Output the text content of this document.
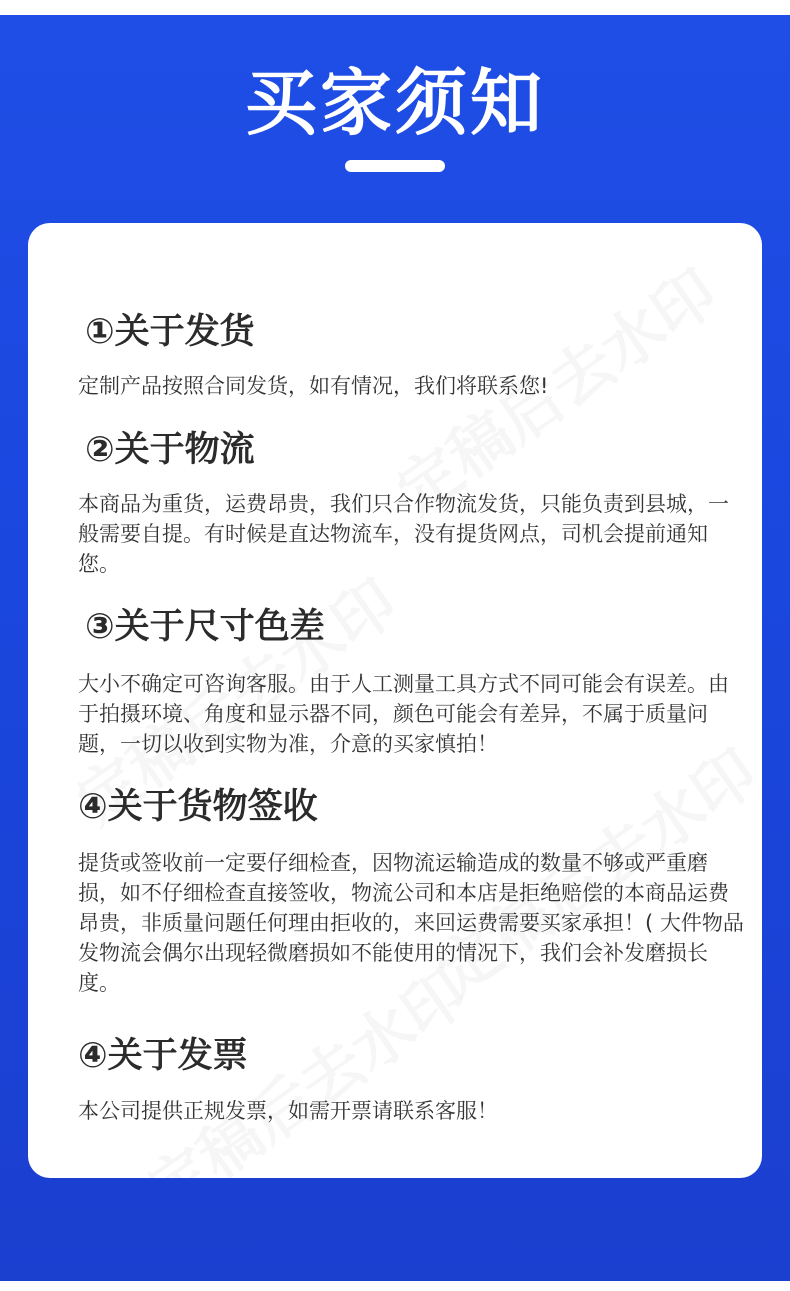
买家须知
①关于发货

定制产品按照合同发货，如有情况，我们将联系您!

②关于物流

本商品为重货，运费昂贵，我们只合作物流发货，只能负责到县城，一般需要自提。有时候是直达物流车，没有提货网点，司机会提前通知您。

③关于尺寸色差

大小不确定可咨询客服。由于人工测量工具方式不同可能会有误差。由于拍摄环境、角度和显示器不同，颜色可能会有差异，不属于质量问题，一切以收到实物为准，介意的买家慎拍！

④关于货物签收

提货或签收前一定要仔细检查，因物流运输造成的数量不够或严重磨损，如不仔细检查直接签收，物流公司和本店是拒绝赔偿的本商品运费昂贵，非质量问题任何理由拒收的，来回运费需要买家承担！( 大件物品发物流会偶尔出现轻微磨损如不能使用的情况下，我们会补发磨损长度。

④关于发票

本公司提供正规发票，如需开票请联系客服！
